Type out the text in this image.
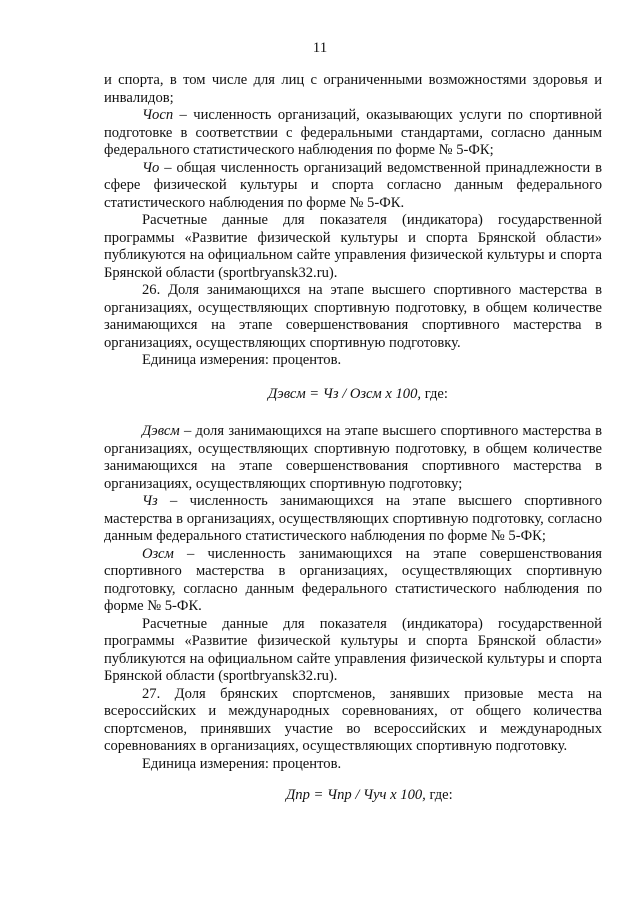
11

и спорта, в том числе для лиц с ограниченными возможностями здоровья и инвалидов;

Чосп – численность организаций, оказывающих услуги по спортивной подготовке в соответствии с федеральными стандартами, согласно данным федерального статистического наблюдения по форме № 5-ФК;

Чо – общая численность организаций ведомственной принадлежности в сфере физической культуры и спорта согласно данным федерального статистического наблюдения по форме № 5-ФК.

Расчетные данные для показателя (индикатора) государственной программы «Развитие физической культуры и спорта Брянской области» публикуются на официальном сайте управления физической культуры и спорта Брянской области (sportbryansk32.ru).

26. Доля занимающихся на этапе высшего спортивного мастерства в организациях, осуществляющих спортивную подготовку, в общем количестве занимающихся на этапе совершенствования спортивного мастерства в организациях, осуществляющих спортивную подготовку.

Единица измерения: процентов.

Дэвсм = Чз / Озсм х 100, где:

Дэвсм – доля занимающихся на этапе высшего спортивного мастерства в организациях, осуществляющих спортивную подготовку, в общем количестве занимающихся на этапе совершенствования спортивного мастерства в организациях, осуществляющих спортивную подготовку;

Чз – численность занимающихся на этапе высшего спортивного мастерства в организациях, осуществляющих спортивную подготовку, согласно данным федерального статистического наблюдения по форме № 5-ФК;

Озсм – численность занимающихся на этапе совершенствования спортивного мастерства в организациях, осуществляющих спортивную подготовку, согласно данным федерального статистического наблюдения по форме № 5-ФК.

Расчетные данные для показателя (индикатора) государственной программы «Развитие физической культуры и спорта Брянской области» публикуются на официальном сайте управления физической культуры и спорта Брянской области (sportbryansk32.ru).

27. Доля брянских спортсменов, занявших призовые места на всероссийских и международных соревнованиях, от общего количества спортсменов, принявших участие во всероссийских и международных соревнованиях в организациях, осуществляющих спортивную подготовку.

Единица измерения: процентов.

Дпр = Чпр / Чуч х 100, где:
